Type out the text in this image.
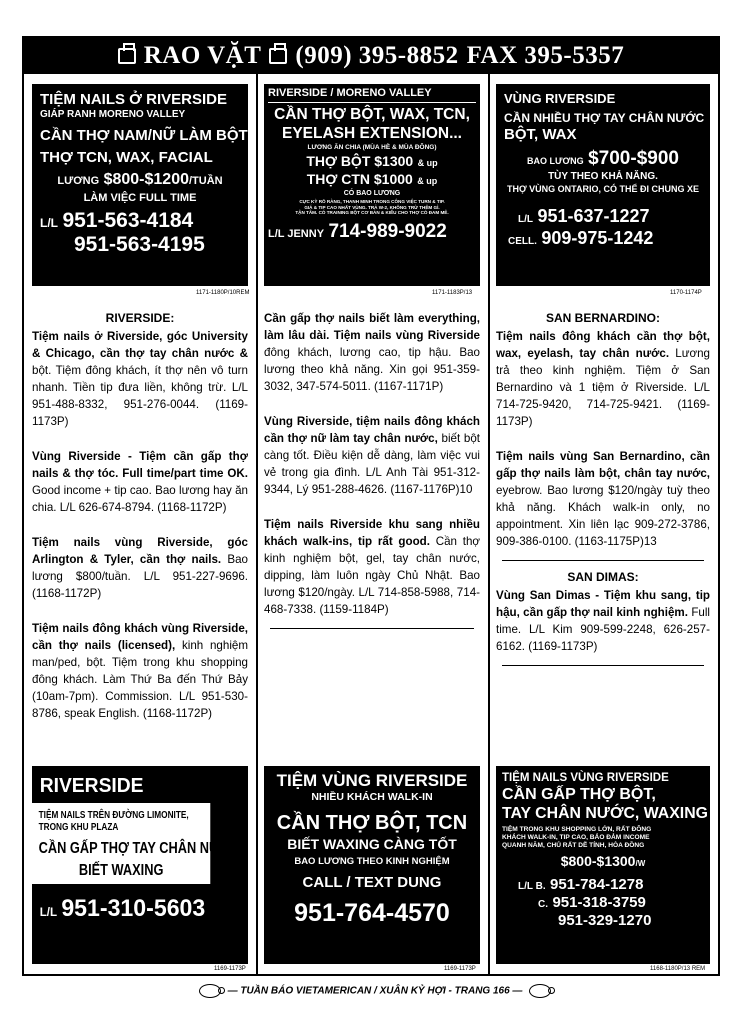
RAO VẶT (909) 395-8852 FAX 395-5357
TIỆM NAILS Ở RIVERSIDE
GIÁP RANH MORENO VALLEY
CẦN THỢ NAM/NỮ LÀM BỘT
THỢ TCN, WAX, FACIAL
LƯƠNG $800-$1200/TUẦN
LÀM VIỆC FULL TIME
L/L 951-563-4184
951-563-4195
1171-1180P/10REM
RIVERSIDE / MORENO VALLEY
CẦN THỢ BỘT, WAX, TCN,
EYELASH EXTENSION...
LƯƠNG ĂN CHIA (MÙA HÈ & MÙA ĐÔNG)
THỢ BỘT $1300 & up
THỢ CTN $1000 & up
CÓ BAO LƯƠNG
CỰC KỲ RÕ RÀNG, THANH MINH TRONG CÔNG VIỆC TURN & TIP.
GIÁ & TIP CAO NHẤT VÙNG. TRẢ W-2, KHÔNG TRỪ THÊM GÌ.
TẬN TÂM. CÓ TRAINING BỘT CƠ BẢN & KIỂU CHO THỢ CÓ ĐAM MÊ.
L/L JENNY 714-989-9022
1171-1183P/13
VÙNG RIVERSIDE
CẦN NHIỀU THỢ TAY CHÂN NƯỚC
BỘT, WAX
BAO LƯƠNG $700-$900
TÙY THEO KHẢ NĂNG.
THỢ VÙNG ONTARIO, CÓ THỂ ĐI CHUNG XE
L/L 951-637-1227
CELL. 909-975-1242
1170-1174P
RIVERSIDE:

Tiệm nails ở Riverside, góc University & Chicago, cần thợ tay chân nước & bột. Tiệm đông khách, ít thợ nên vô turn nhanh. Tiền tip đưa liền, không trừ. L/L 951-488-8332, 951-276-0044. (1169-1173P)

Vùng Riverside - Tiệm cần gấp thợ nails & thợ tóc. Full time/part time OK. Good income + tip cao. Bao lương hay ăn chia. L/L 626-674-8794. (1168-1172P)

Tiệm nails vùng Riverside, góc Arlington & Tyler, cần thợ nails. Bao lương $800/tuần. L/L 951-227-9696. (1168-1172P)

Tiệm nails đông khách vùng Riverside, cần thợ nails (licensed), kinh nghiệm man/ped, bột. Tiệm trong khu shopping đông khách. Làm Thứ Ba đến Thứ Bảy (10am-7pm). Commission. L/L 951-530-8786, speak English. (1168-1172P)

Cần gấp thợ nails biết làm everything, làm lâu dài. Tiệm nails vùng Riverside đông khách, lương cao, tip hậu. Bao lương theo khả năng. Xin gọi 951-359-3032, 347-574-5011. (1167-1171P)

Vùng Riverside, tiệm nails đông khách cần thợ nữ làm tay chân nước, biết bột càng tốt. Điều kiện dễ dàng, làm việc vui vẻ trong gia đình. L/L Anh Tài 951-312-9344, Lý 951-288-4626. (1167-1176P)10

Tiệm nails Riverside khu sang nhiều khách walk-ins, tip rất good. Cần thợ kinh nghiệm bột, gel, tay chân nước, dipping, làm luôn ngày Chủ Nhật. Bao lương $120/ngày. L/L 714-858-5988, 714-468-7338. (1159-1184P)

SAN BERNARDINO:

Tiệm nails đông khách cần thợ bột, wax, eyelash, tay chân nước. Lương trả theo kinh nghiệm. Tiệm ở San Bernardino và 1 tiệm ở Riverside. L/L 714-725-9420, 714-725-9421. (1169-1173P)

Tiệm nails vùng San Bernardino, cần gấp thợ nails làm bột, chân tay nước, eyebrow. Bao lương $120/ngày tuỳ theo khả năng. Khách walk-in only, no appointment. Xin liên lạc 909-272-3786, 909-386-0100. (1163-1175P)13

SAN DIMAS:

Vùng San Dimas - Tiệm khu sang, tip hậu, cần gấp thợ nail kinh nghiệm. Full time. L/L Kim 909-599-2248, 626-257-6162. (1169-1173P)

RIVERSIDE
TIỆM NAILS TRÊN ĐƯỜNG LIMONITE,
TRONG KHU PLAZA
CẦN GẤP THỢ TAY CHÂN NƯỚC
BIẾT WAXING
L/L 951-310-5603
1169-1173P
TIỆM VÙNG RIVERSIDE
NHIỀU KHÁCH WALK-IN
CẦN THỢ BỘT, TCN
BIẾT WAXING CÀNG TỐT
BAO LƯƠNG THEO KINH NGHIỆM
CALL / TEXT DUNG
951-764-4570
1169-1173P
TIỆM NAILS VÙNG RIVERSIDE
CẦN GẤP THỢ BỘT,
TAY CHÂN NƯỚC, WAXING
TIỆM TRONG KHU SHOPPING LỚN, RẤT ĐÔNG
KHÁCH WALK-IN, TIP CAO, BẢO ĐẢM INCOME
QUANH NĂM, CHỦ RẤT DỄ TÍNH, HÒA ĐỒNG
$800-$1300/W
L/L B. 951-784-1278
C. 951-318-3759
951-329-1270
1168-1180P/13 REM
— TUẦN BÁO VIETAMERICAN / XUÂN KỶ HỢI - TRANG 166 —
